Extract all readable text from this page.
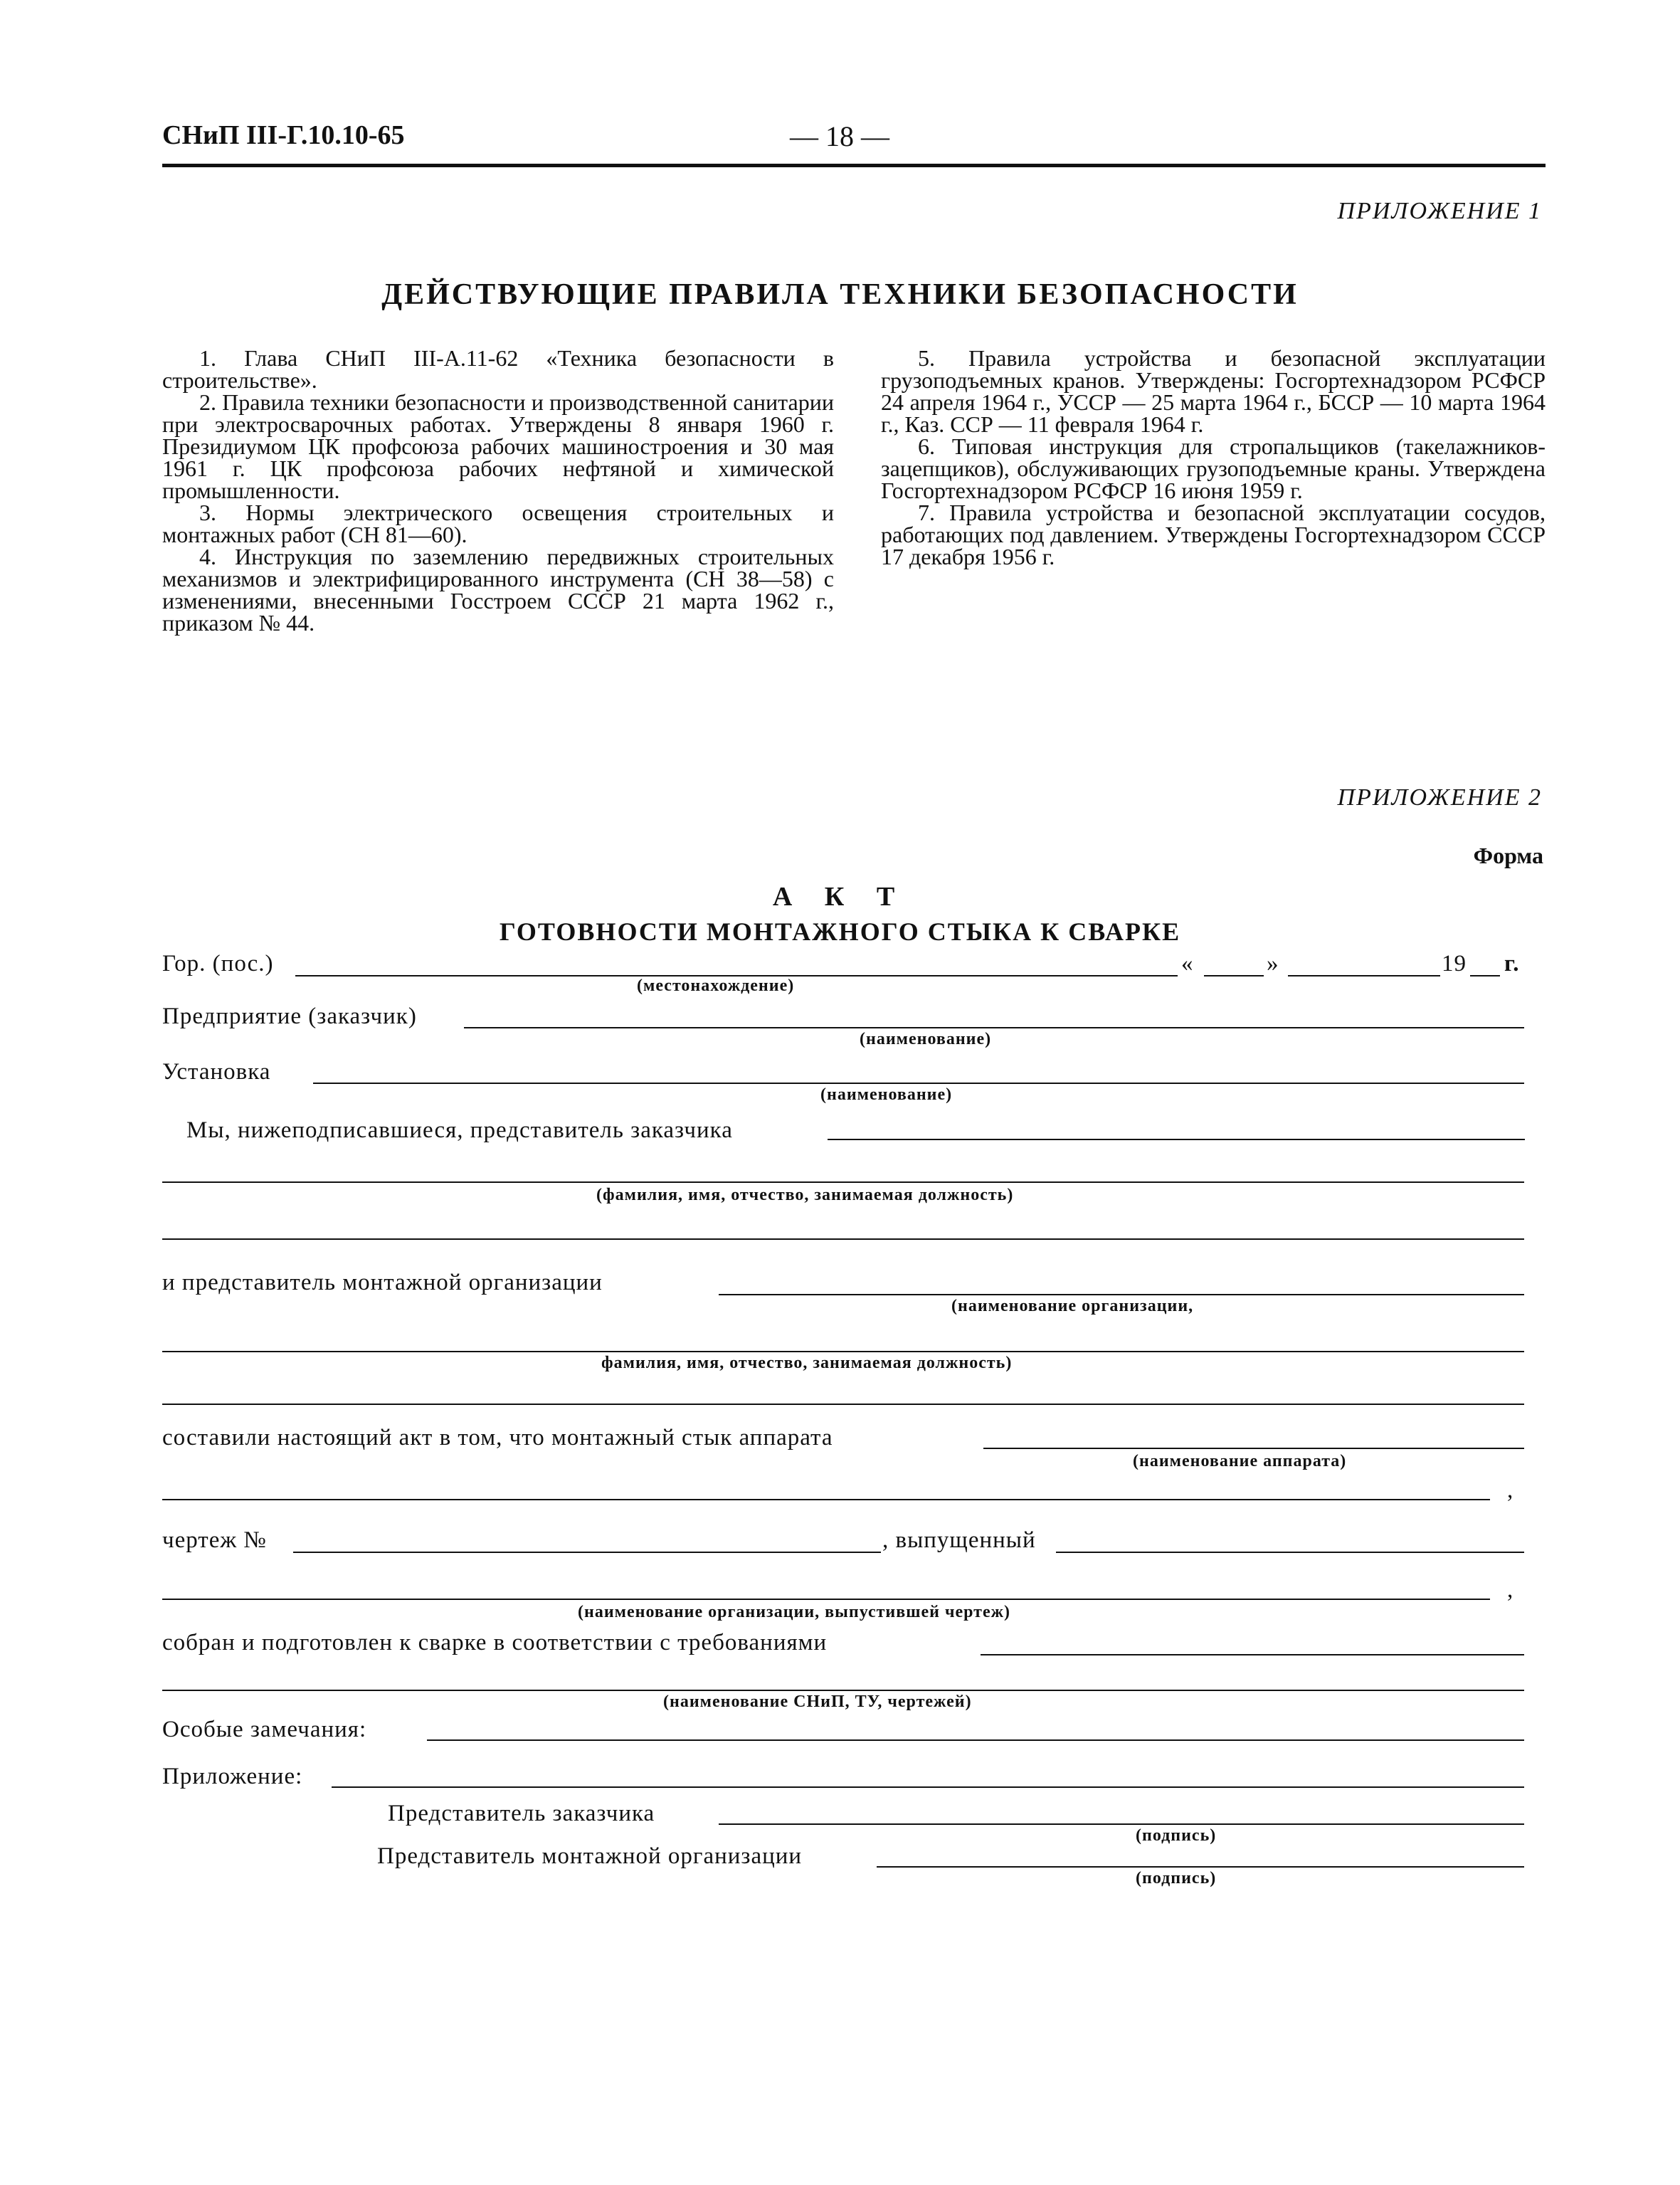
СНиП III-Г.10.10-65	— 18 —
ПРИЛОЖЕНИЕ 1
ДЕЙСТВУЮЩИЕ ПРАВИЛА ТЕХНИКИ БЕЗОПАСНОСТИ

1. Глава СНиП III-А.11-62 «Техника безопасности в строительстве».

2. Правила техники безопасности и производственной санитарии при электросварочных работах. Утверждены 8 января 1960 г. Президиумом ЦК профсоюза рабочих машиностроения и 30 мая 1961 г. ЦК профсоюза рабочих нефтяной и химической промышленности.

3. Нормы электрического освещения строительных и монтажных работ (СН 81—60).

4. Инструкция по заземлению передвижных строительных механизмов и электрифицированного инструмента (СН 38—58) с изменениями, внесенными Госстроем СССР 21 марта 1962 г., приказом № 44.

5. Правила устройства и безопасной эксплуатации грузоподъемных кранов. Утверждены: Госгортехнадзором РСФСР 24 апреля 1964 г., УССР — 25 марта 1964 г., БССР — 10 марта 1964 г., Каз. ССР — 11 февраля 1964 г.

6. Типовая инструкция для стропальщиков (такелажников-зацепщиков), обслуживающих грузоподъемные краны. Утверждена Госгортехнадзором РСФСР 16 июня 1959 г.

7. Правила устройства и безопасной эксплуатации сосудов, работающих под давлением. Утверждены Госгортехнадзором СССР 17 декабря 1956 г.

ПРИЛОЖЕНИЕ 2
Форма
А К Т
ГОТОВНОСТИ МОНТАЖНОГО СТЫКА К СВАРКЕ
Гор. (пос.)	«	»	19 г.
(местонахождение)
Предприятие (заказчик)
(наименование)
Установка
(наименование)
Мы, нижеподписавшиеся, представитель заказчика
(фамилия, имя, отчество, занимаемая должность)
и представитель монтажной организации
(наименование организации,
фамилия, имя, отчество, занимаемая должность)
составили настоящий акт в том, что монтажный стык аппарата
(наименование аппарата)
,
чертеж №	, выпущенный
,
(наименование организации, выпустившей чертеж)
собран и подготовлен к сварке в соответствии с требованиями
(наименование СНиП, ТУ, чертежей)
Особые замечания:
Приложение:
Представитель заказчика
(подпись)
Представитель монтажной организации
(подпись)
